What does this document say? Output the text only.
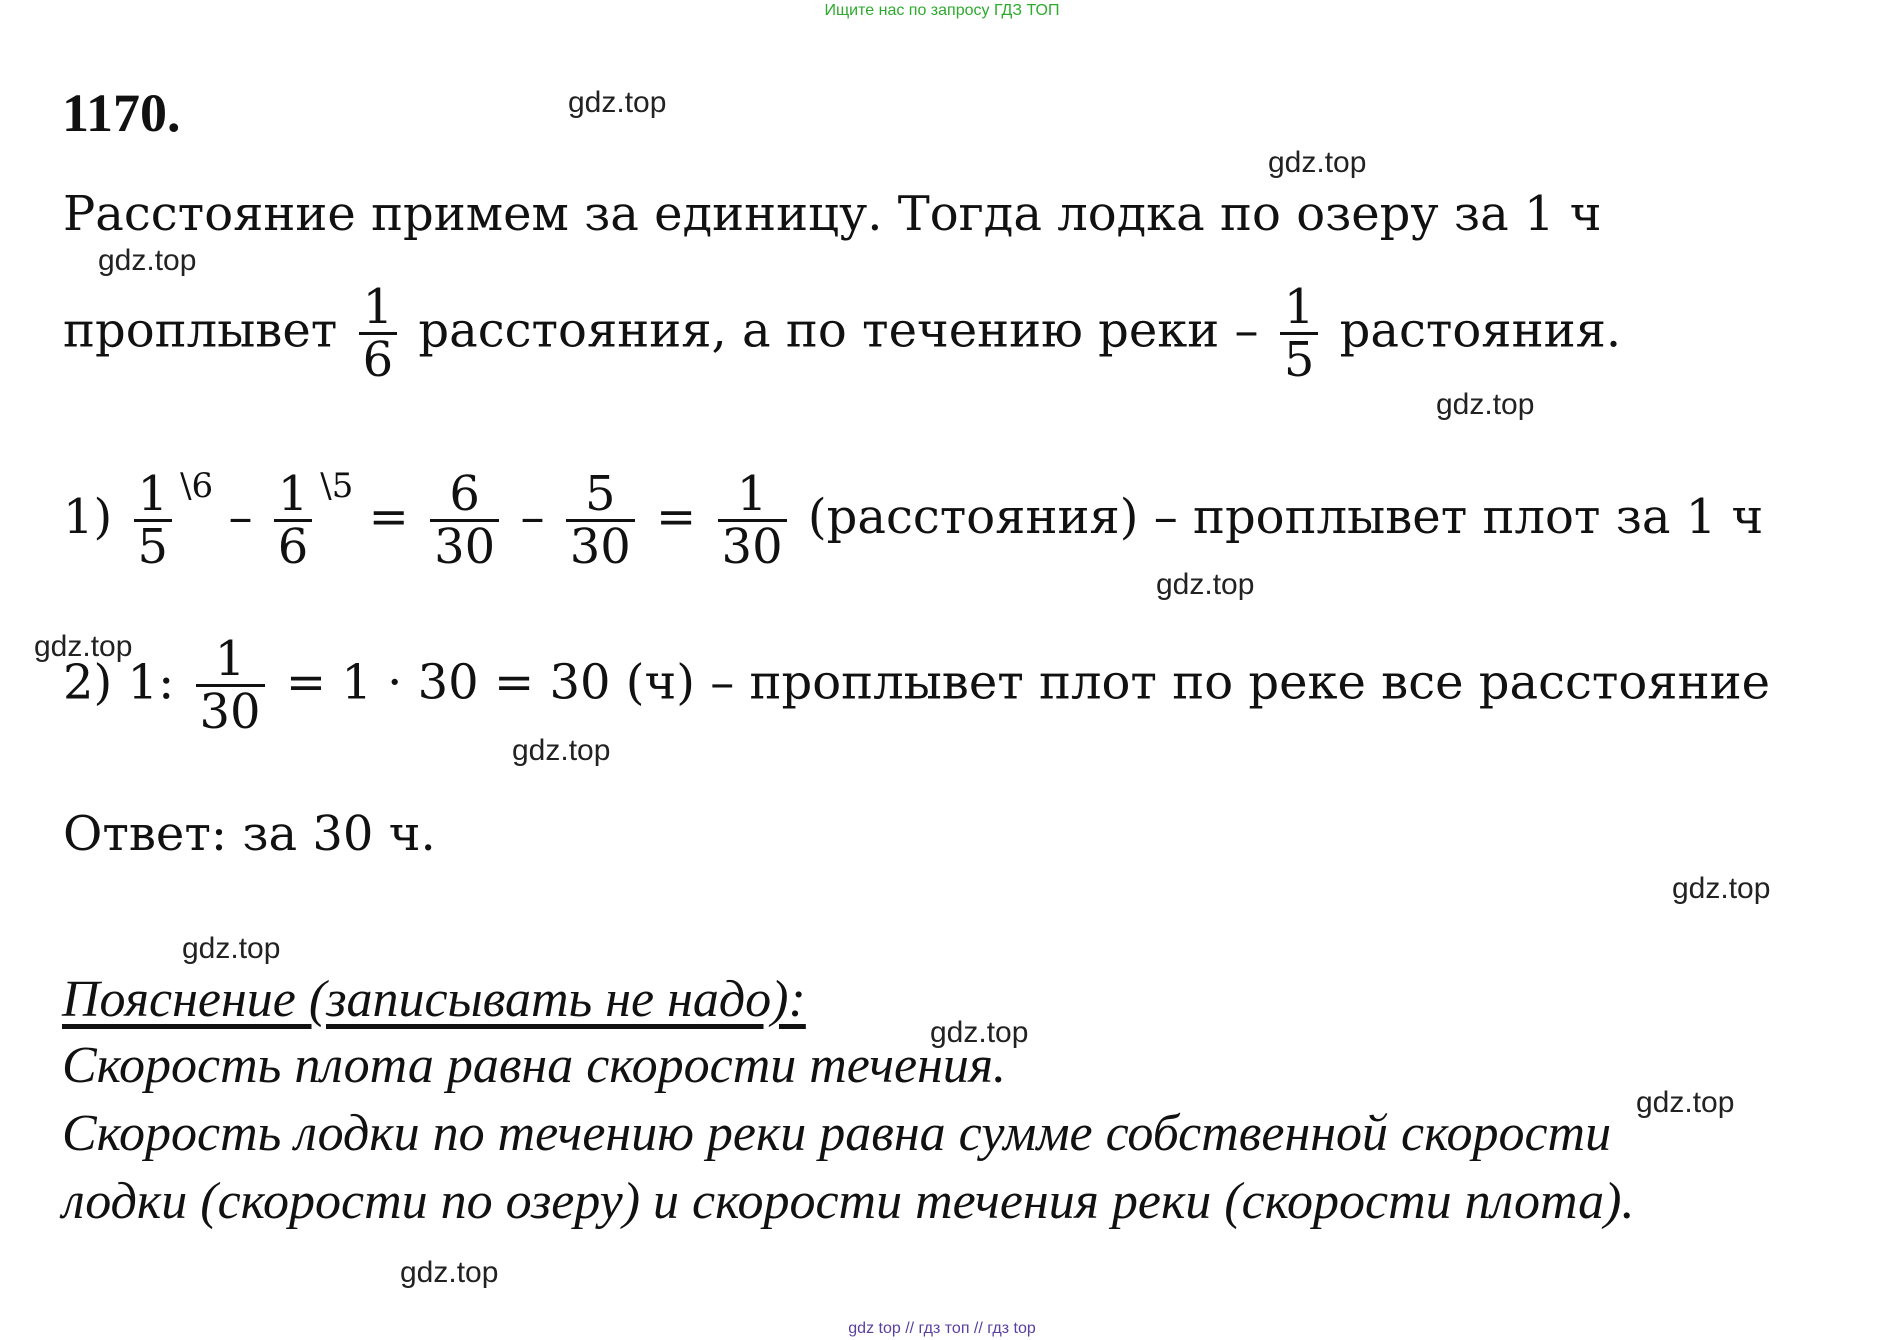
Ищите нас по запросу ГДЗ ТОП
1170.	gdz.top
gdz.top
gdz.top
gdz.top
gdz.top
gdz.top
gdz.top
gdz.top
gdz.top
gdz.top
gdz.top
gdz.top
Расстояние примем за единицу. Тогда лодка по озеру за 1 ч
проплывет $\frac{1}{6}$ расстояния, а по течению реки – $\frac{1}{5}$ растояния.
$1) \frac{1}{5} ^{\backslash 6} - \frac{1}{6} ^{\backslash 5} = \frac{6}{30} - \frac{5}{30} = \frac{1}{30}$ (расстояния) – проплывет плот за 1 ч
2) 1: $\frac{1}{30} = 1 \cdot 30 = 30$ (ч) – проплывет плот по реке все расстояние
Ответ: за 30 ч.
Пояснение (записывать не надо):
Скорость плота равна скорости течения.
Скорость лодки по течению реки равна сумме собственной скорости
лодки (скорости по озеру) и скорости течения реки (скорости плота).
gdz top // гдз топ // гдз top
